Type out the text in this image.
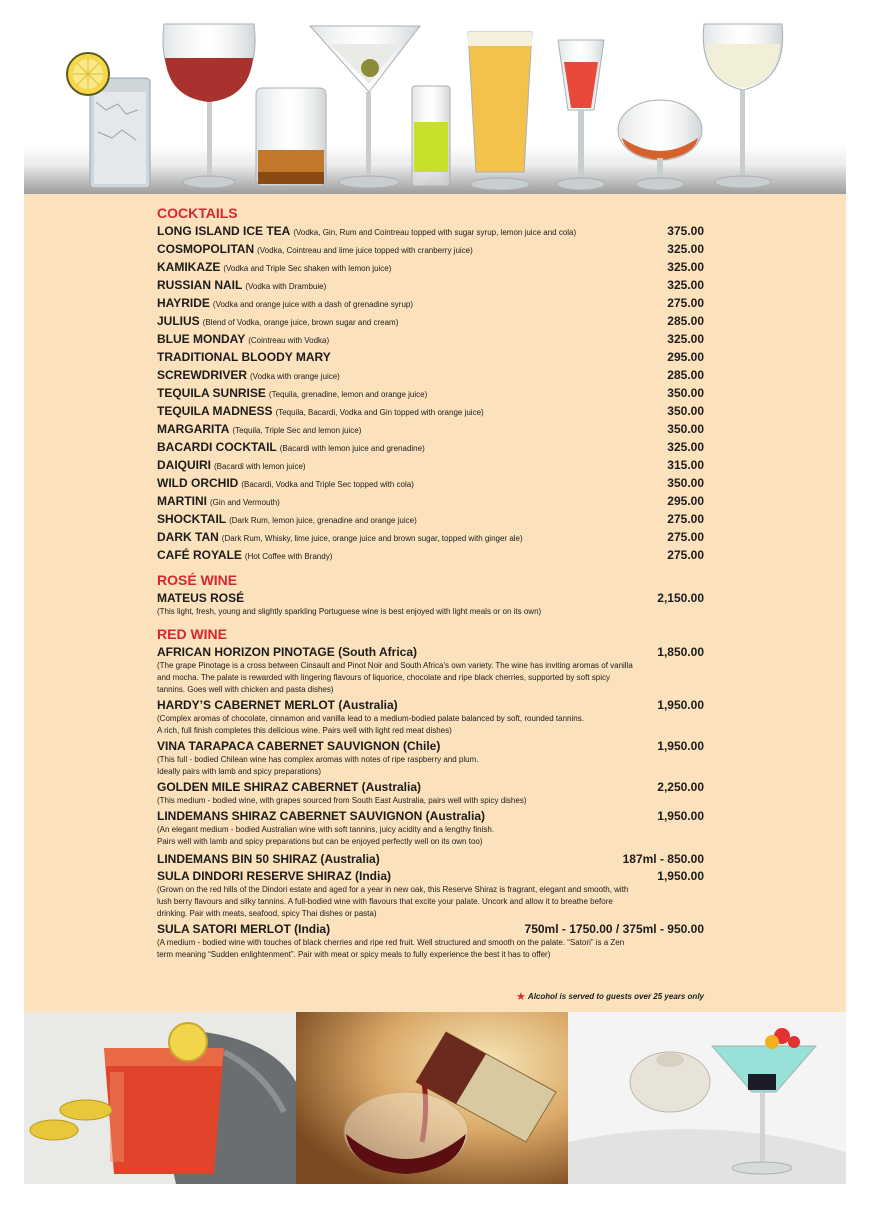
COCKTAILS
LONG ISLAND ICE TEA (Vodka, Gin, Rum and Cointreau topped with sugar syrup, lemon juice and cola)	375.00
COSMOPOLITAN (Vodka, Cointreau and lime juice topped with cranberry juice)	325.00
KAMIKAZE (Vodka and Triple Sec shaken with lemon juice)	325.00
RUSSIAN NAIL (Vodka with Drambuie)	325.00
HAYRIDE (Vodka and orange juice with a dash of grenadine syrup)	275.00
JULIUS (Blend of Vodka, orange juice, brown sugar and cream)	285.00
BLUE MONDAY (Cointreau with Vodka)	325.00
TRADITIONAL BLOODY MARY	295.00
SCREWDRIVER (Vodka with orange juice)	285.00
TEQUILA SUNRISE (Tequila, grenadine, lemon and orange juice)	350.00
TEQUILA MADNESS (Tequila, Bacardi, Vodka and Gin topped with orange juice)	350.00
MARGARITA (Tequila, Triple Sec and lemon juice)	350.00
BACARDI COCKTAIL (Bacardi with lemon juice and grenadine)	325.00
DAIQUIRI (Bacardi with lemon juice)	315.00
WILD ORCHID (Bacardi, Vodka and Triple Sec topped with cola)	350.00
MARTINI (Gin and Vermouth)	295.00
SHOCKTAIL (Dark Rum, lemon juice, grenadine and orange juice)	275.00
DARK TAN (Dark Rum, Whisky, lime juice, orange juice and brown sugar, topped with ginger ale)	275.00
CAFÉ ROYALE (Hot Coffee with Brandy)	275.00
ROSÉ WINE
MATEUS ROSÉ	2,150.00
(This light, fresh, young and slightly sparkling Portuguese wine is best enjoyed with light meals or on its own)
RED WINE
AFRICAN HORIZON PINOTAGE (South Africa)	1,850.00
(The grape Pinotage is a cross between Cinsault and Pinot Noir and South Africa’s own variety. The wine has inviting aromas of vanilla
and mocha. The palate is rewarded with lingering flavours of liquorice, chocolate and ripe black cherries, supported by soft spicy
tannins. Goes well with chicken and pasta dishes)
HARDY’S CABERNET MERLOT (Australia)	1,950.00
(Complex aromas of chocolate, cinnamon and vanilla lead to a medium-bodied palate balanced by soft, rounded tannins.
A rich, full finish completes this delicious wine. Pairs well with light red meat dishes)
VINA TARAPACA CABERNET SAUVIGNON (Chile)	1,950.00
(This full - bodied Chilean wine has complex aromas with notes of ripe raspberry and plum.
Ideally pairs with lamb and spicy preparations)
GOLDEN MILE SHIRAZ CABERNET (Australia)	2,250.00
(This medium - bodied wine, with grapes sourced from South East Australia, pairs well with spicy dishes)
LINDEMANS SHIRAZ CABERNET SAUVIGNON (Australia)	1,950.00
(An elegant medium - bodied Australian wine with soft tannins, juicy acidity and a lengthy finish.
Pairs well with lamb and spicy preparations but can be enjoyed perfectly well on its own too)
LINDEMANS BIN 50 SHIRAZ (Australia)	187ml - 850.00
SULA DINDORI RESERVE SHIRAZ (India)	1,950.00
(Grown on the red hills of the Dindori estate and aged for a year in new oak, this Reserve Shiraz is fragrant, elegant and smooth, with
lush berry flavours and silky tannins. A full-bodied wine with flavours that excite your palate. Uncork and allow it to breathe before
drinking. Pair with meats, seafood, spicy Thai dishes or pasta)
SULA SATORI MERLOT (India)	750ml - 1750.00 / 375ml - 950.00
(A medium - bodied wine with touches of black cherries and ripe red fruit. Well structured and smooth on the palate. “Satori” is a Zen
term meaning “Sudden enlightenment”. Pair with meat or spicy meals to fully experience the best it has to offer)
★ Alcohol is served to guests over 25 years only
